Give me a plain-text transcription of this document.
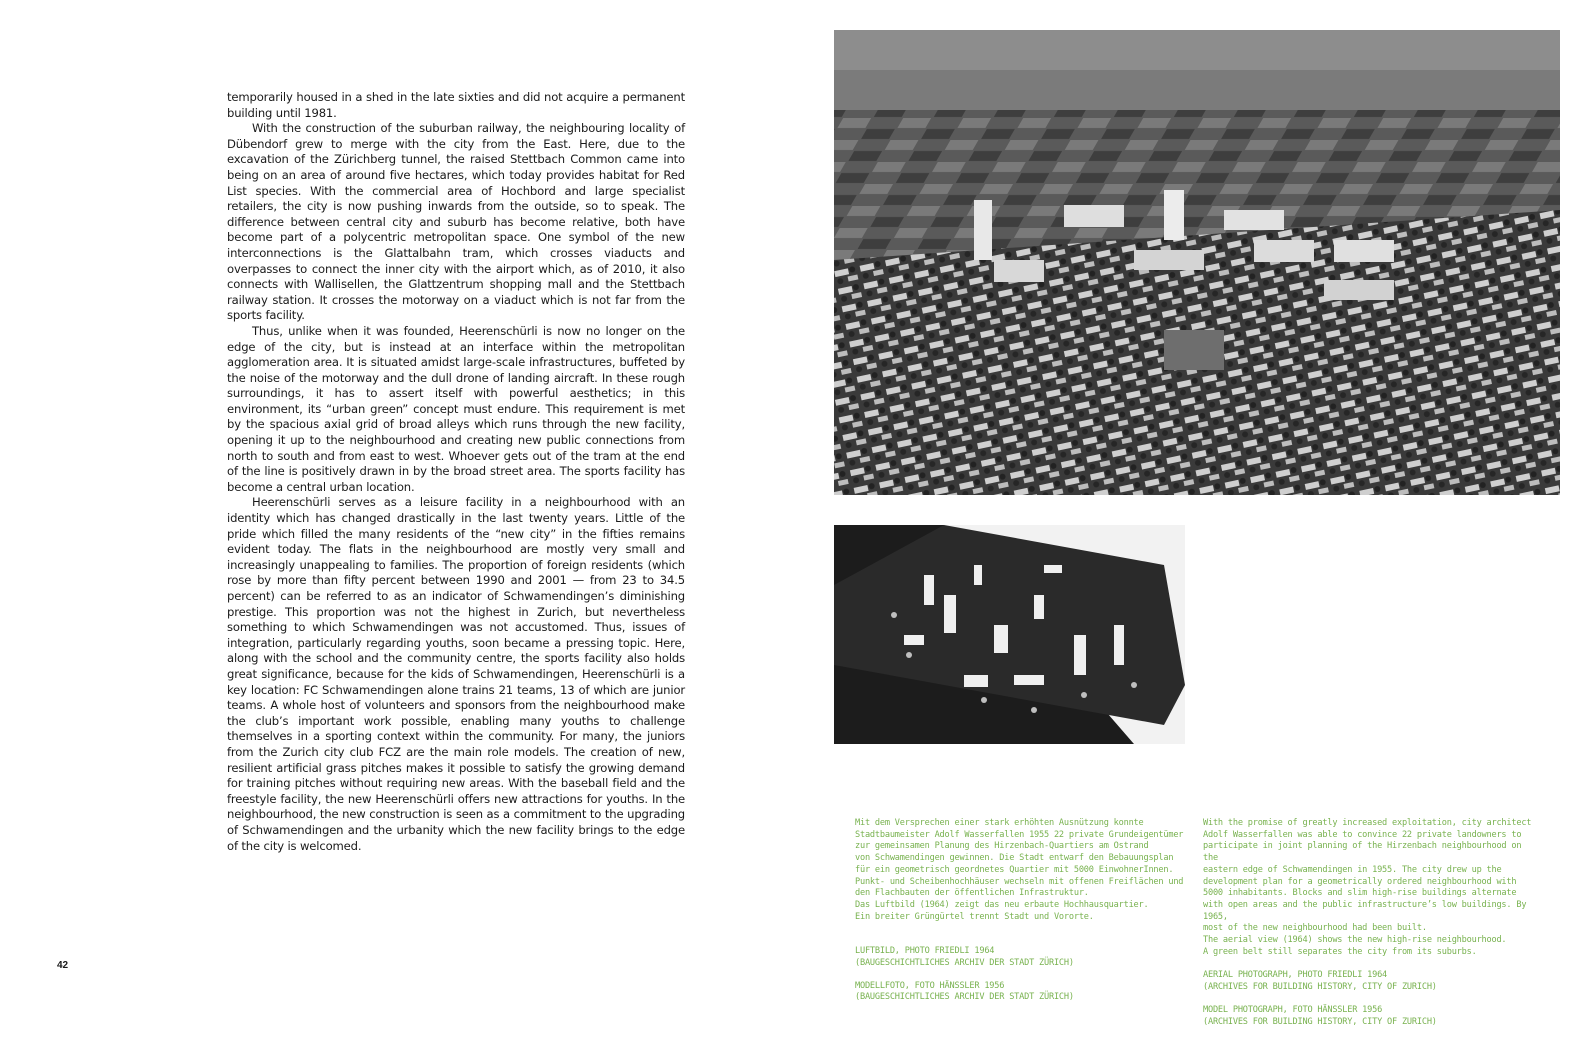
temporarily housed in a shed in the late sixties and did not acquire a permanent building until 1981.

With the construction of the suburban railway, the neighbouring locality of Dübendorf grew to merge with the city from the East. Here, due to the excavation of the Zürichberg tunnel, the raised Stettbach Common came into being on an area of around five hectares, which today provides habitat for Red List species. With the commercial area of Hochbord and large specialist retailers, the city is now pushing inwards from the outside, so to speak. The difference between central city and suburb has become relative, both have become part of a polycentric metropolitan space. One symbol of the new interconnections is the Glattalbahn tram, which crosses viaducts and overpasses to connect the inner city with the airport which, as of 2010, it also connects with Wallisellen, the Glattzentrum shopping mall and the Stettbach railway station. It crosses the motorway on a viaduct which is not far from the sports facility.

Thus, unlike when it was founded, Heerenschürli is now no longer on the edge of the city, but is instead at an interface within the metropolitan agglomeration area. It is situated amidst large-scale infrastructures, buffeted by the noise of the motorway and the dull drone of landing aircraft. In these rough surroundings, it has to assert itself with powerful aesthetics; in this environment, its “urban green” concept must endure. This requirement is met by the spacious axial grid of broad alleys which runs through the new facility, opening it up to the neighbourhood and creating new public connections from north to south and from east to west. Whoever gets out of the tram at the end of the line is positively drawn in by the broad street area. The sports facility has become a central urban location.

Heerenschürli serves as a leisure facility in a neighbourhood with an identity which has changed drastically in the last twenty years. Little of the pride which filled the many residents of the “new city” in the fifties remains evident today. The flats in the neighbourhood are mostly very small and increasingly unappealing to families. The proportion of foreign residents (which rose by more than fifty percent between 1990 and 2001 — from 23 to 34.5 percent) can be referred to as an indicator of Schwamendingen’s diminishing prestige. This proportion was not the highest in Zurich, but nevertheless something to which Schwamendingen was not accustomed. Thus, issues of integration, particularly regarding youths, soon became a pressing topic. Here, along with the school and the community centre, the sports facility also holds great significance, because for the kids of Schwamendingen, Heerenschürli is a key location: FC Schwamendingen alone trains 21 teams, 13 of which are junior teams. A whole host of volunteers and sponsors from the neighbourhood make the club’s important work possible, enabling many youths to challenge themselves in a sporting context within the community. For many, the juniors from the Zurich city club FCZ are the main role models. The creation of new, resilient artificial grass pitches makes it possible to satisfy the growing demand for training pitches without requiring new areas. With the baseball field and the freestyle facility, the new Heerenschürli offers new attractions for youths. In the neighbourhood, the new construction is seen as a commitment to the upgrading of Schwamendingen and the urbanity which the new facility brings to the edge of the city is welcomed.

42

Mit dem Versprechen einer stark erhöhten Ausnützung konnte

Stadtbaumeister Adolf Wasserfallen 1955 22 private Grundeigentümer

zur gemeinsamen Planung des Hirzenbach-Quartiers am Ostrand

von Schwamendingen gewinnen. Die Stadt entwarf den Bebauungsplan

für ein geometrisch geordnetes Quartier mit 5000 EinwohnerInnen.

Punkt- und Scheibenhochhäuser wechseln mit offenen Freiflächen und

den Flachbauten der öffentlichen Infrastruktur.

Das Luftbild (1964) zeigt das neu erbaute Hochhausquartier.

Ein breiter Grüngürtel trennt Stadt und Vororte.

LUFTBILD, PHOTO FRIEDLI 1964

(BAUGESCHICHTLICHES ARCHIV DER STADT ZÜRICH)

MODELLFOTO, FOTO HÄNSSLER 1956

(BAUGESCHICHTLICHES ARCHIV DER STADT ZÜRICH)

With the promise of greatly increased exploitation, city architect

Adolf Wasserfallen was able to convince 22 private landowners to

participate in joint planning of the Hirzenbach neighbourhood on the

eastern edge of Schwamendingen in 1955. The city drew up the

development plan for a geometrically ordered neighbourhood with

5000 inhabitants. Blocks and slim high-rise buildings alternate

with open areas and the public infrastructure’s low buildings. By 1965,

most of the new neighbourhood had been built.

The aerial view (1964) shows the new high-rise neighbourhood.

A green belt still separates the city from its suburbs.

AERIAL PHOTOGRAPH, PHOTO FRIEDLI 1964

(ARCHIVES FOR BUILDING HISTORY, CITY OF ZURICH)

MODEL PHOTOGRAPH, FOTO HÄNSSLER 1956

(ARCHIVES FOR BUILDING HISTORY, CITY OF ZURICH)
